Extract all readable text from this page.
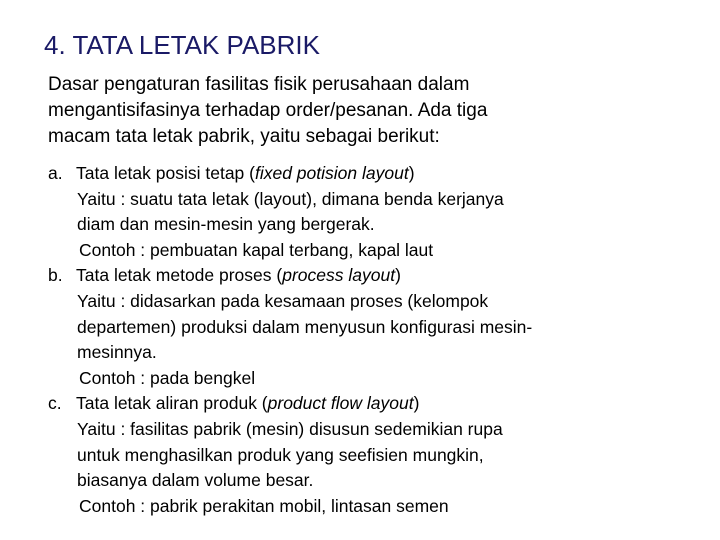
4. TATA LETAK PABRIK
Dasar pengaturan fasilitas fisik perusahaan dalam
mengantisifasinya terhadap order/pesanan. Ada tiga
macam tata letak pabrik, yaitu sebagai berikut:
a. Tata letak posisi tetap (fixed potision layout)
Yaitu : suatu tata letak (layout), dimana benda kerjanya
diam dan mesin-mesin yang bergerak.
Contoh : pembuatan kapal terbang, kapal laut
b. Tata letak metode proses (process layout)
Yaitu : didasarkan pada kesamaan proses (kelompok
departemen) produksi dalam menyusun konfigurasi mesin-
mesinnya.
Contoh : pada bengkel
c. Tata letak aliran produk (product flow layout)
Yaitu : fasilitas pabrik (mesin) disusun sedemikian rupa
untuk menghasilkan produk yang seefisien mungkin,
biasanya dalam volume besar.
Contoh : pabrik perakitan mobil, lintasan semen
